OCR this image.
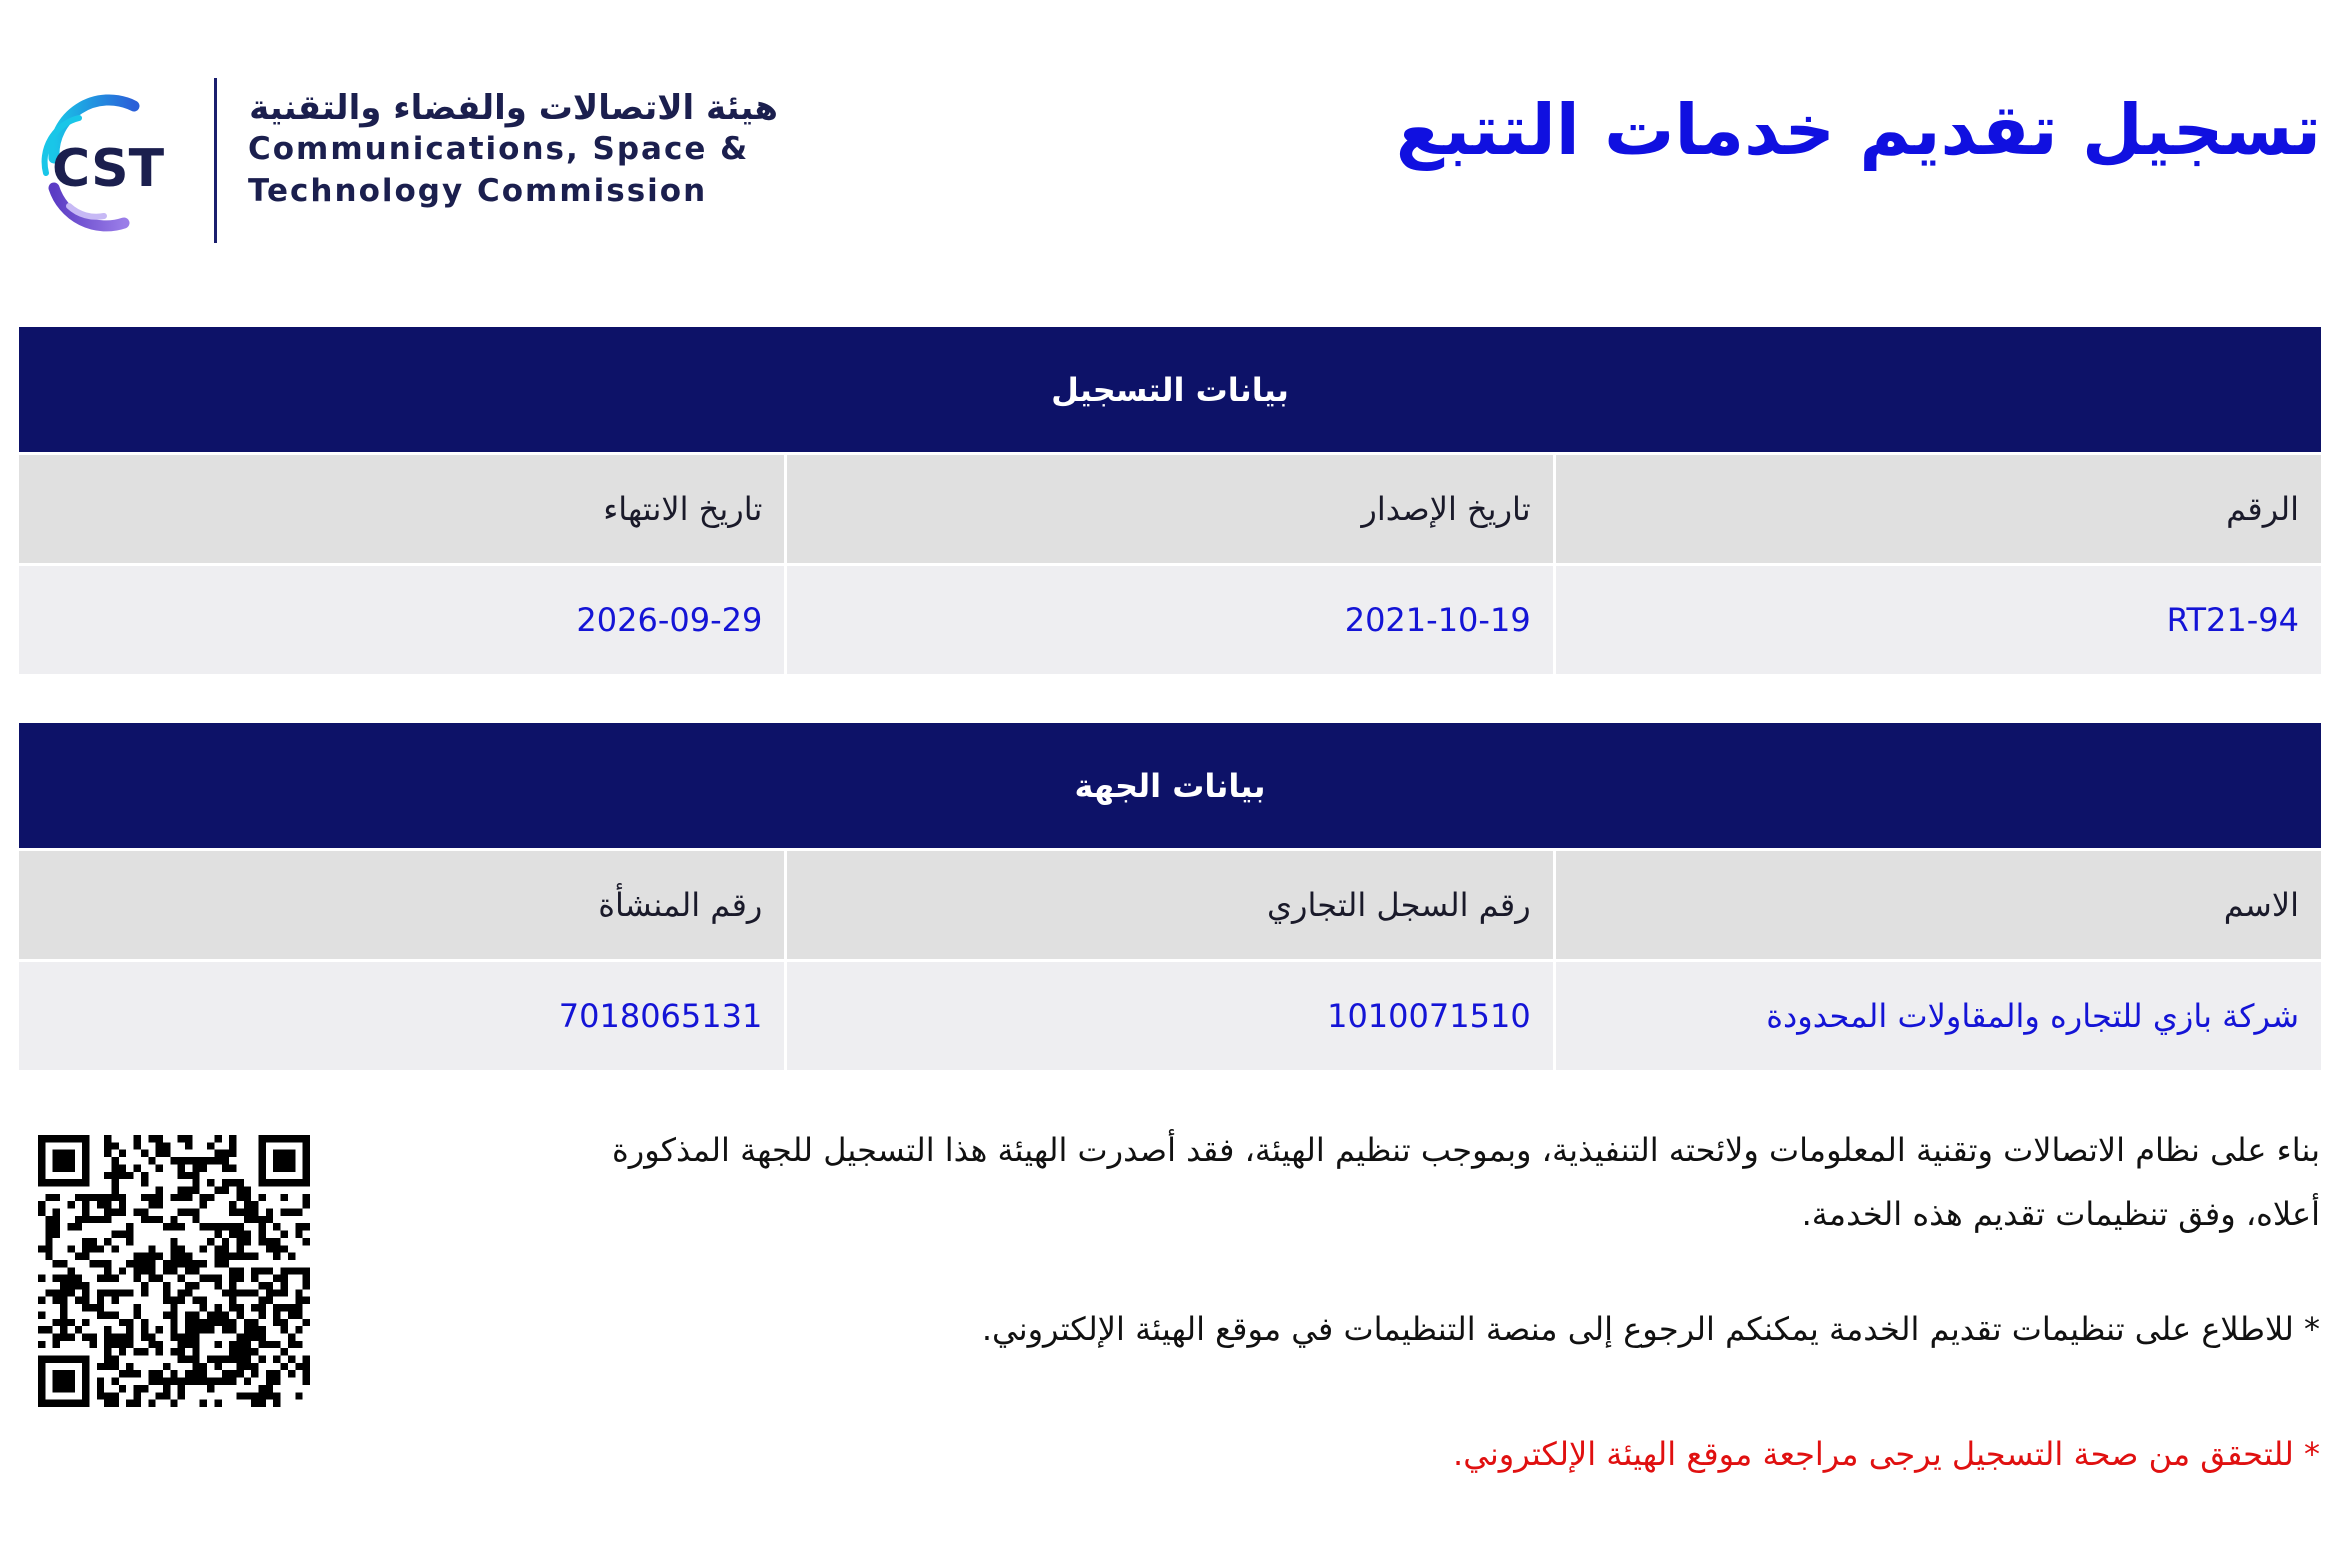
تسجيل تقديم خدمات التتبع
CST
هيئة الاتصالات والفضاء والتقنية
Communications, Space &
Technology Commission
بيانات التسجيل
الرقم
تاريخ الإصدار
تاريخ الانتهاء
RT21-94
2021-10-19
2026-09-29
بيانات الجهة
الاسم
رقم السجل التجاري
رقم المنشأة
شركة بازي للتجاره والمقاولات المحدودة
1010071510
7018065131
بناء على نظام الاتصالات وتقنية المعلومات ولائحته التنفيذية، وبموجب تنظيم الهيئة، فقد أصدرت الهيئة هذا التسجيل للجهة المذكورة أعلاه، وفق تنظيمات تقديم هذه الخدمة.
* للاطلاع على تنظيمات تقديم الخدمة يمكنكم الرجوع إلى منصة التنظيمات في موقع الهيئة الإلكتروني.
* للتحقق من صحة التسجيل يرجى مراجعة موقع الهيئة الإلكتروني.
